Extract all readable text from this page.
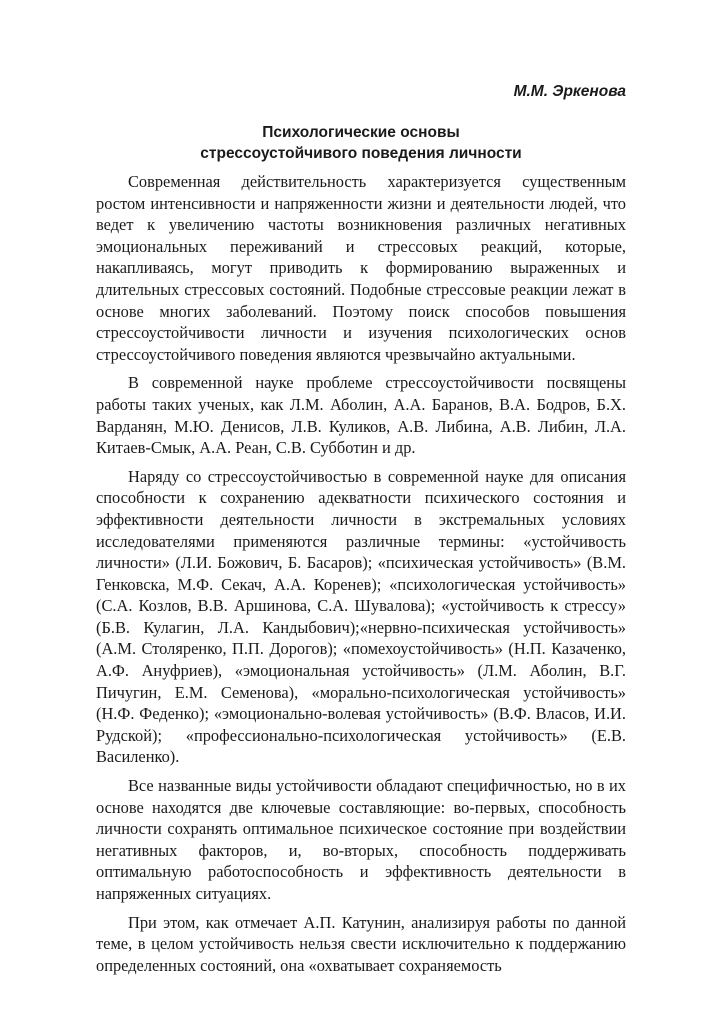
М.М. Эркенова
Психологические основы
стрессоустойчивого поведения личности

Современная действительность характеризуется существенным ростом интенсивности и напряженности жизни и деятельности людей, что ведет к увеличению частоты возникновения различных негативных эмоциональных переживаний и стрессовых реакций, которые, накапливаясь, могут приводить к формированию выраженных и длительных стрессовых состояний. Подобные стрессовые реакции лежат в основе многих заболеваний. Поэтому поиск способов повышения стрессоустойчивости личности и изучения психологических основ стрессоустойчивого поведения являются чрезвычайно актуальными.

В современной науке проблеме стрессоустойчивости посвящены работы таких ученых, как Л.М. Аболин, А.А. Баранов, В.А. Бодров, Б.Х. Варданян, М.Ю. Денисов, Л.В. Куликов, А.В. Либина, А.В. Либин, Л.А. Китаев-Смык, А.А. Реан, С.В. Субботин и др.

Наряду со стрессоустойчивостью в современной науке для описания способности к сохранению адекватности психического состояния и эффективности деятельности личности в экстремальных условиях исследователями применяются различные термины: «устойчивость личности» (Л.И. Божович, Б. Басаров); «психическая устойчивость» (В.М. Генковска, М.Ф. Секач, А.А. Коренев); «психологическая устойчивость» (С.А. Козлов, В.В. Аршинова, С.А. Шувалова); «устойчивость к стрессу» (Б.В. Кулагин, Л.А. Кандыбович);«нервно-психическая устойчивость» (А.М. Столяренко, П.П. Дорогов); «помехоустойчивость» (Н.П. Казаченко, А.Ф. Ануфриев), «эмоциональная устойчивость» (Л.М. Аболин, В.Г. Пичугин, Е.М. Семенова), «морально-психологическая устойчивость» (Н.Ф. Феденко); «эмоционально-волевая устойчивость» (В.Ф. Власов, И.И. Рудской); «профессионально-психологическая устойчивость» (Е.В. Василенко).

Все названные виды устойчивости обладают специфичностью, но в их основе находятся две ключевые составляющие: во-первых, способность личности сохранять оптимальное психическое состояние при воздействии негативных факторов, и, во-вторых, способность поддерживать оптимальную работоспособность и эффективность деятельности в напряженных ситуациях.

При этом, как отмечает А.П. Катунин, анализируя работы по данной теме, в целом устойчивость нельзя свести исключительно к поддержанию определенных состояний, она «охватывает сохраняемость
